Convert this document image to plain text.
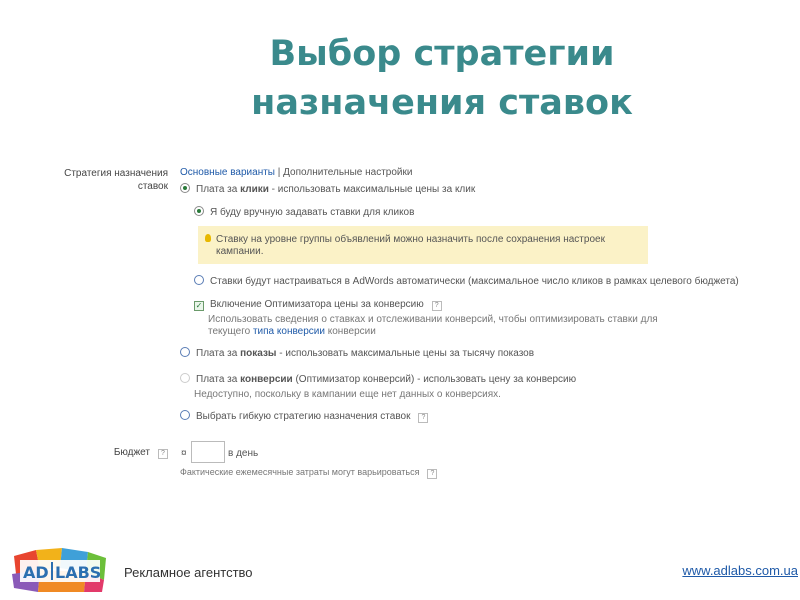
Выбор стратегии
назначения ставок
Стратегия назначения
ставок
Основные варианты | Дополнительные настройки
Плата за клики - использовать максимальные цены за клик
Я буду вручную задавать ставки для кликов
Ставку на уровне группы объявлений можно назначить после сохранения настроек кампании.
Ставки будут настраиваться в AdWords автоматически (максимальное число кликов в рамках целевого бюджета)
✓ Включение Оптимизатора цены за конверсию ?
Использовать сведения о ставках и отслеживании конверсий, чтобы оптимизировать ставки для
текущего типа конверсии конверсии
Плата за показы - использовать максимальные цены за тысячу показов
Плата за конверсии (Оптимизатор конверсий) - использовать цену за конверсию
Недоступно, поскольку в кампании еще нет данных о конверсиях.
Выбрать гибкую стратегию назначения ставок ?
Бюджет ?	¤	в день
Фактические ежемесячные затраты могут варьироваться ?
AD LABS Рекламное агентство	www.adlabs.com.ua
